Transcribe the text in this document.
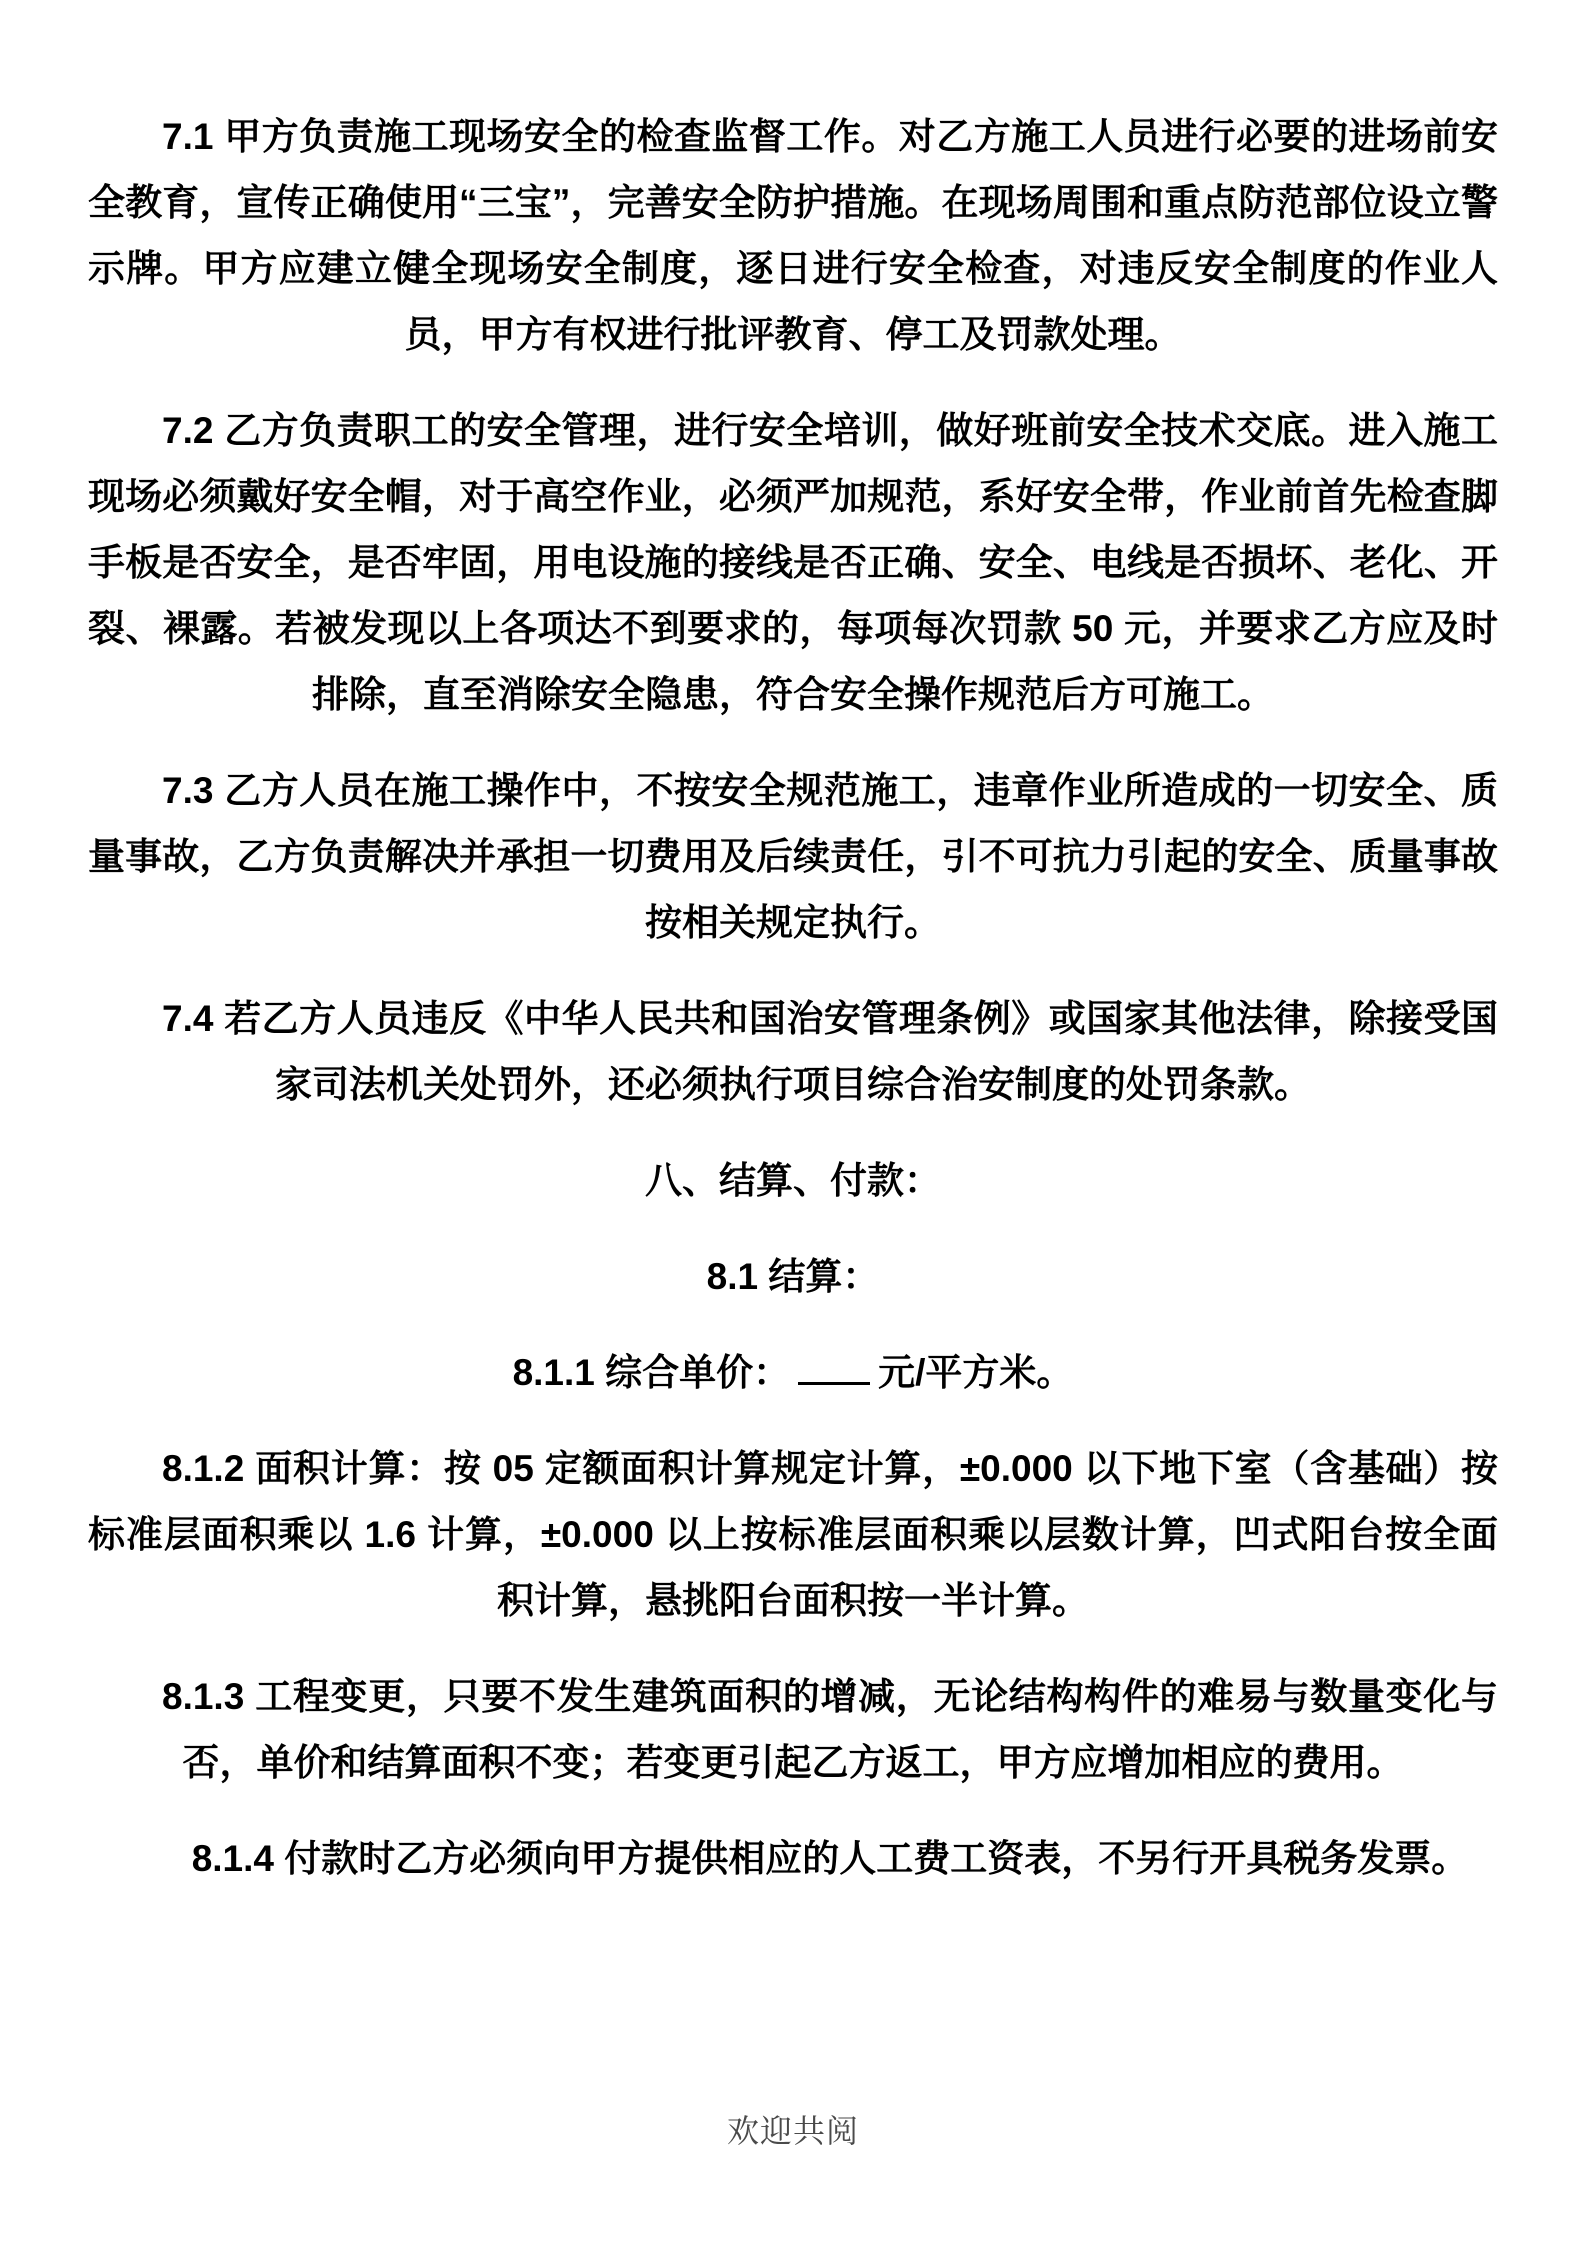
7.1 甲方负责施工现场安全的检查监督工作。对乙方施工人员进行必要的进场前安全教育，宣传正确使用“三宝”，完善安全防护措施。在现场周围和重点防范部位设立警示牌。甲方应建立健全现场安全制度，逐日进行安全检查，对违反安全制度的作业人员，甲方有权进行批评教育、停工及罚款处理。

7.2 乙方负责职工的安全管理，进行安全培训，做好班前安全技术交底。进入施工现场必须戴好安全帽，对于高空作业，必须严加规范，系好安全带，作业前首先检查脚手板是否安全，是否牢固，用电设施的接线是否正确、安全、电线是否损坏、老化、开裂、裸露。若被发现以上各项达不到要求的，每项每次罚款 50 元，并要求乙方应及时排除，直至消除安全隐患，符合安全操作规范后方可施工。

7.3 乙方人员在施工操作中，不按安全规范施工，违章作业所造成的一切安全、质量事故，乙方负责解决并承担一切费用及后续责任，引不可抗力引起的安全、质量事故按相关规定执行。

7.4 若乙方人员违反《中华人民共和国治安管理条例》或国家其他法律，除接受国家司法机关处罚外，还必须执行项目综合治安制度的处罚条款。

八、结算、付款：
8.1 结算：

8.1.1 综合单价： 元/平方米。

8.1.2 面积计算：按 05 定额面积计算规定计算，±0.000 以下地下室（含基础）按标准层面积乘以 1.6 计算，±0.000 以上按标准层面积乘以层数计算，凹式阳台按全面积计算，悬挑阳台面积按一半计算。

8.1.3 工程变更，只要不发生建筑面积的增减，无论结构构件的难易与数量变化与否，单价和结算面积不变；若变更引起乙方返工，甲方应增加相应的费用。

8.1.4 付款时乙方必须向甲方提供相应的人工费工资表，不另行开具税务发票。

欢迎共阅
